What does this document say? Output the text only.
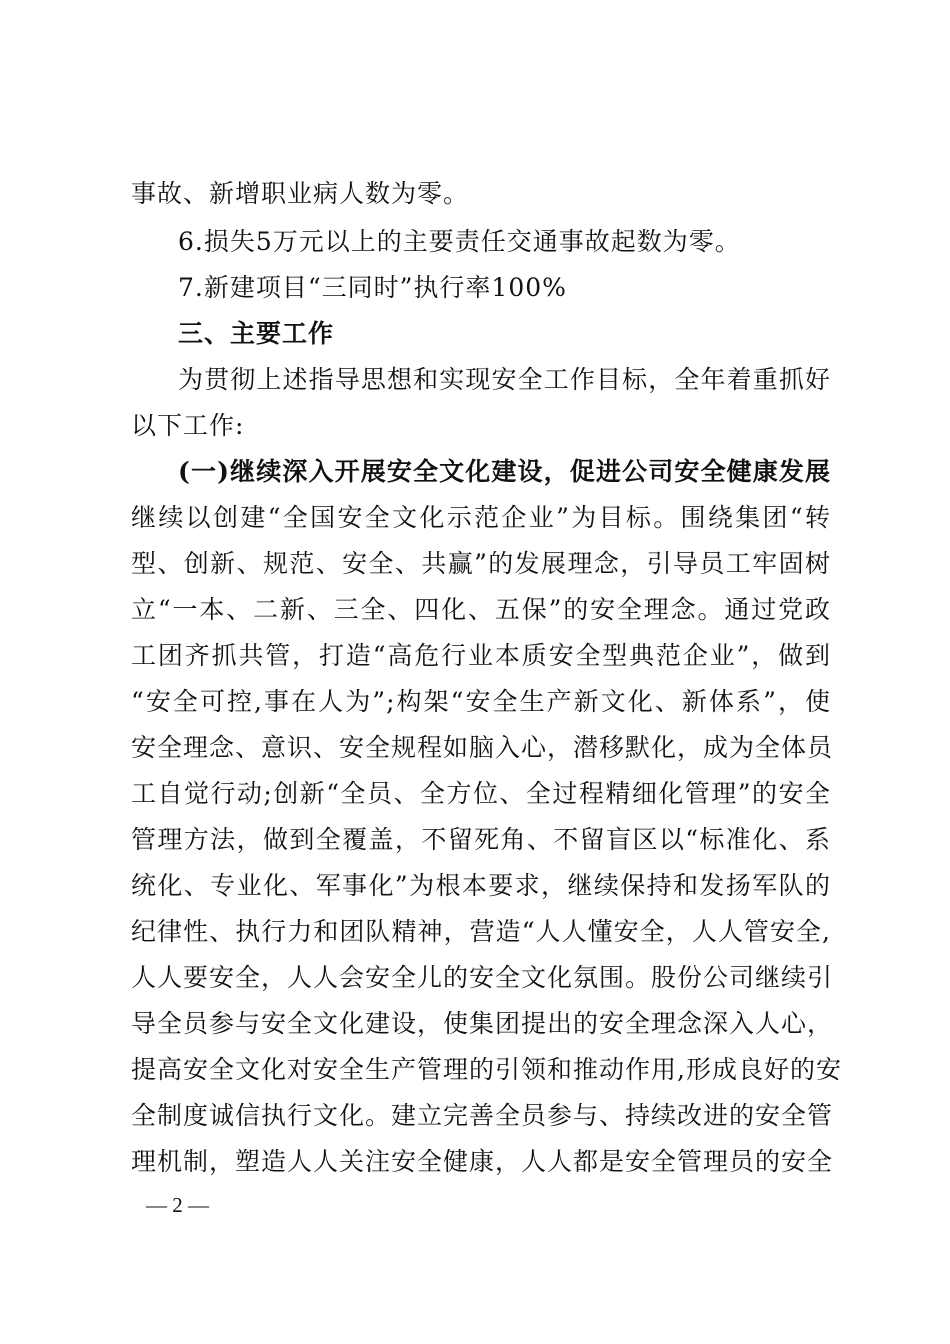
事故、新增职业病人数为零。
6.损失5万元以上的主要责任交通事故起数为零。
7.新建项目“三同时”执行率100%
三、主要工作
为贯彻上述指导思想和实现安全工作目标，全年着重抓好
以下工作:
(一)继续深入开展安全文化建设，促进公司安全健康发展
继续以创建“全国安全文化示范企业”为目标。围绕集团“转
型、创新、规范、安全、共赢”的发展理念，引导员工牢固树
立“一本、二新、三全、四化、五保”的安全理念。通过党政
工团齐抓共管，打造“高危行业本质安全型典范企业”，做到
“安全可控,事在人为”;构架“安全生产新文化、新体系”，使
安全理念、意识、安全规程如脑入心，潜移默化，成为全体员
工自觉行动;创新“全员、全方位、全过程精细化管理”的安全
管理方法，做到全覆盖，不留死角、不留盲区以“标准化、系
统化、专业化、军事化”为根本要求，继续保持和发扬军队的
纪律性、执行力和团队精神，营造“人人懂安全，人人管安全,
人人要安全，人人会安全儿的安全文化氛围。股份公司继续引
导全员参与安全文化建设，使集团提出的安全理念深入人心，
提高安全文化对安全生产管理的引领和推动作用,形成良好的安
全制度诚信执行文化。建立完善全员参与、持续改进的安全管
理机制，塑造人人关注安全健康，人人都是安全管理员的安全
— 2 —
